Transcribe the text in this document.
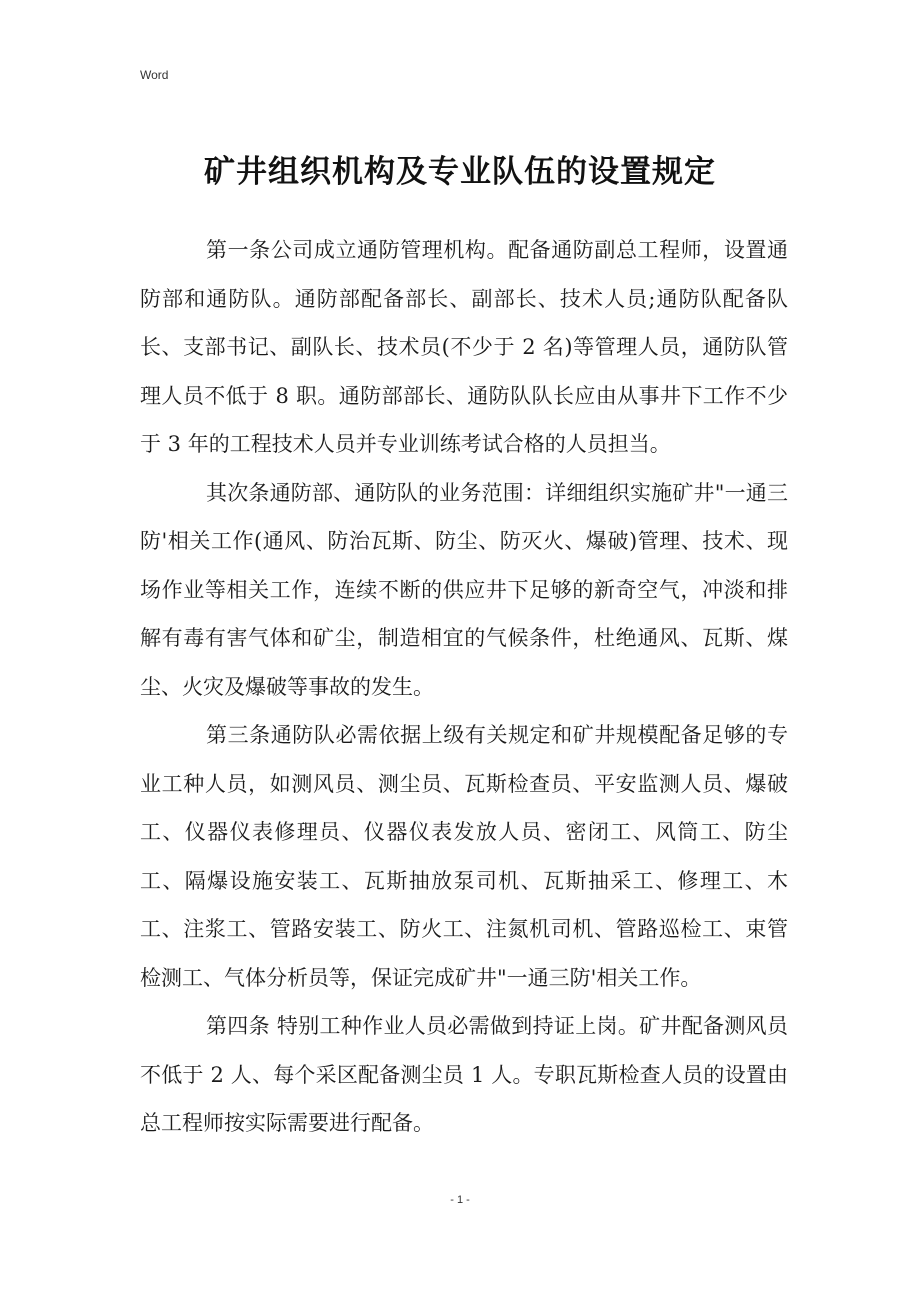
Word
矿井组织机构及专业队伍的设置规定

第一条公司成立通防管理机构。配备通防副总工程师，设置通防部和通防队。通防部配备部长、副部长、技术人员;通防队配备队长、支部书记、副队长、技术员(不少于 2 名)等管理人员，通防队管理人员不低于 8 职。通防部部长、通防队队长应由从事井下工作不少于 3 年的工程技术人员并专业训练考试合格的人员担当。

其次条通防部、通防队的业务范围：详细组织实施矿井"一通三防'相关工作(通风、防治瓦斯、防尘、防灭火、爆破)管理、技术、现场作业等相关工作，连续不断的供应井下足够的新奇空气，冲淡和排解有毒有害气体和矿尘，制造相宜的气候条件，杜绝通风、瓦斯、煤尘、火灾及爆破等事故的发生。

第三条通防队必需依据上级有关规定和矿井规模配备足够的专业工种人员，如测风员、测尘员、瓦斯检查员、平安监测人员、爆破工、仪器仪表修理员、仪器仪表发放人员、密闭工、风筒工、防尘工、隔爆设施安装工、瓦斯抽放泵司机、瓦斯抽采工、修理工、木工、注浆工、管路安装工、防火工、注氮机司机、管路巡检工、束管检测工、气体分析员等，保证完成矿井"一通三防'相关工作。

第四条 特别工种作业人员必需做到持证上岗。矿井配备测风员不低于 2 人、每个采区配备测尘员 1 人。专职瓦斯检查人员的设置由总工程师按实际需要进行配备。

- 1 -
